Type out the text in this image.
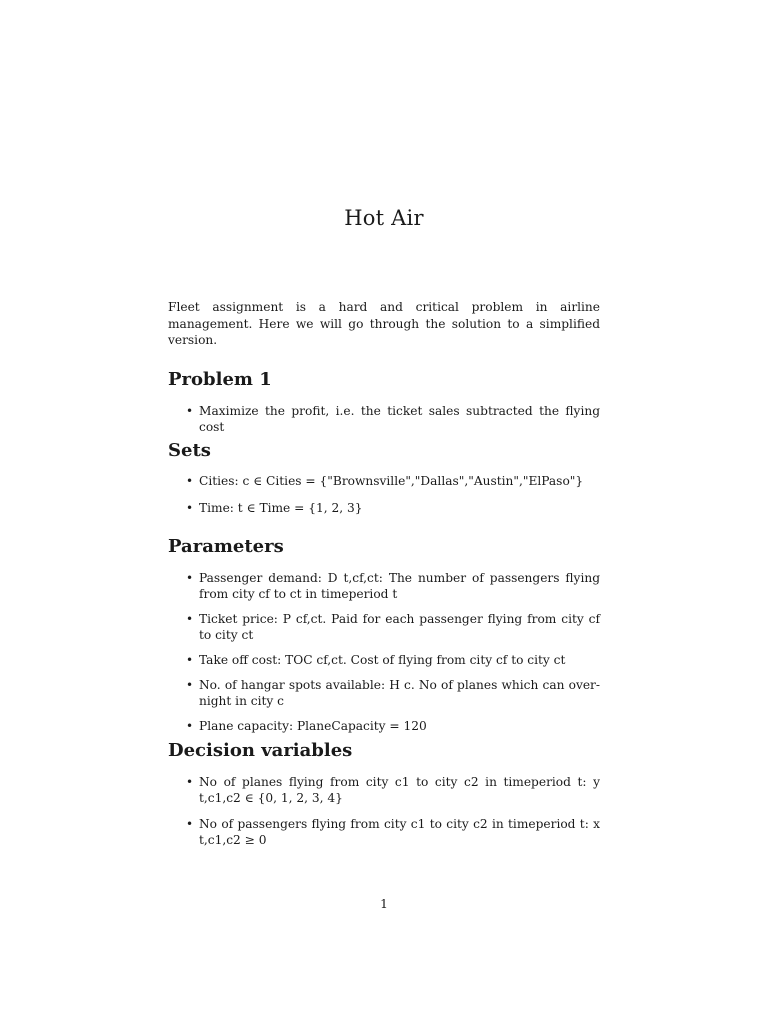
Hot Air
Fleet assignment is a hard and critical problem in airline management. Here we will go through the solution to a simplified version.
Problem 1
• Maximize the profit, i.e. the ticket sales subtracted the flying cost
Sets
• Cities: c ∈ Cities = {"Brownsville","Dallas","Austin","ElPaso"}
• Time: t ∈ Time = {1, 2, 3}
Parameters
• Passenger demand: D t,cf,ct: The number of passengers flying from city cf to ct in timeperiod t
• Ticket price: P cf,ct. Paid for each passenger flying from city cf to city ct
• Take off cost: TOC cf,ct. Cost of flying from city cf to city ct
• No. of hangar spots available: H c. No of planes which can over-night in city c
• Plane capacity: PlaneCapacity = 120
Decision variables
• No of planes flying from city c1 to city c2 in timeperiod t: y t,c1,c2 ∈ {0, 1, 2, 3, 4}
• No of passengers flying from city c1 to city c2 in timeperiod t: x t,c1,c2 ≥ 0
1
